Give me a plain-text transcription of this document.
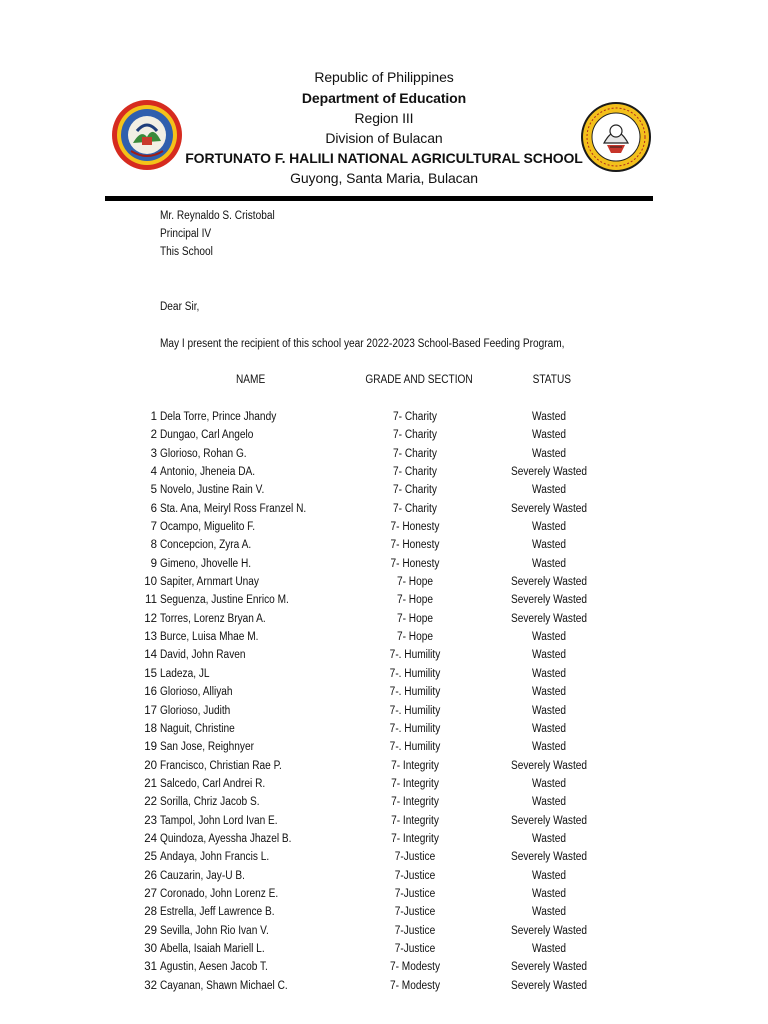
Republic of Philippines
Department of Education
Region III
Division of Bulacan
FORTUNATO F. HALILI NATIONAL AGRICULTURAL SCHOOL
Guyong, Santa Maria, Bulacan
Mr. Reynaldo S. Cristobal
Principal IV
This School
Dear Sir,
May I present the recipient of this school year 2022-2023 School-Based Feeding Program,
NAME	GRADE AND SECTION	STATUS
1 Dela Torre, Prince Jhandy	7- Charity	Wasted
2 Dungao, Carl Angelo	7- Charity	Wasted
3 Glorioso, Rohan G.	7- Charity	Wasted
4 Antonio, Jheneia DA.	7- Charity	Severely Wasted
5 Novelo, Justine Rain V.	7- Charity	Wasted
6 Sta. Ana, Meiryl Ross Franzel N.	7- Charity	Severely Wasted
7 Ocampo, Miguelito F.	7- Honesty	Wasted
8 Concepcion, Zyra A.	7- Honesty	Wasted
9 Gimeno, Jhovelle H.	7- Honesty	Wasted
10 Sapiter, Arnmart Unay	7- Hope	Severely Wasted
11 Seguenza, Justine Enrico M.	7- Hope	Severely Wasted
12 Torres, Lorenz Bryan A.	7- Hope	Severely Wasted
13 Burce, Luisa Mhae M.	7- Hope	Wasted
14 David, John Raven	7-. Humility	Wasted
15 Ladeza, JL	7-. Humility	Wasted
16 Glorioso, Alliyah	7-. Humility	Wasted
17 Glorioso, Judith	7-. Humility	Wasted
18 Naguit, Christine	7-. Humility	Wasted
19 San Jose, Reighnyer	7-. Humility	Wasted
20 Francisco, Christian Rae P.	7- Integrity	Severely Wasted
21 Salcedo, Carl Andrei R.	7- Integrity	Wasted
22 Sorilla, Chriz Jacob S.	7- Integrity	Wasted
23 Tampol, John Lord Ivan E.	7- Integrity	Severely Wasted
24 Quindoza, Ayessha Jhazel B.	7- Integrity	Wasted
25 Andaya, John Francis L.	7-Justice	Severely Wasted
26 Cauzarin, Jay-U B.	7-Justice	Wasted
27 Coronado, John Lorenz E.	7-Justice	Wasted
28 Estrella, Jeff Lawrence B.	7-Justice	Wasted
29 Sevilla, John Rio Ivan V.	7-Justice	Severely Wasted
30 Abella, Isaiah Mariell L.	7-Justice	Wasted
31 Agustin, Aesen Jacob T.	7- Modesty	Severely Wasted
32 Cayanan, Shawn Michael C.	7- Modesty	Severely Wasted
